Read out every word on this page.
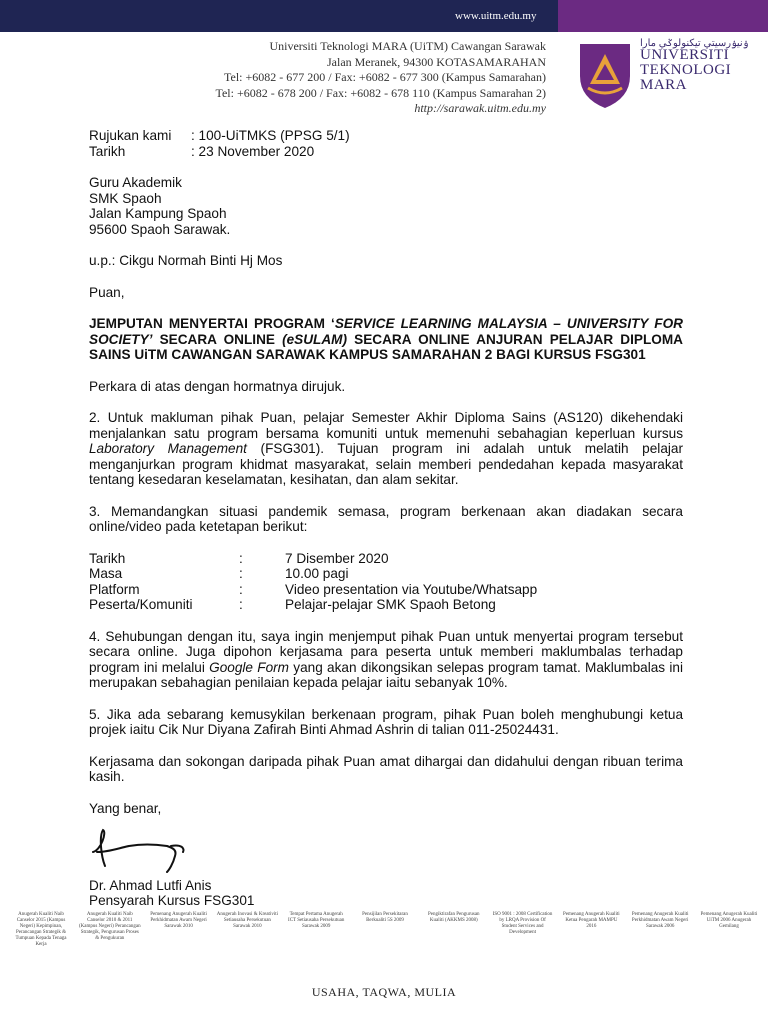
www.uitm.edu.my
Universiti Teknologi MARA (UiTM) Cawangan Sarawak
Jalan Meranek, 94300 KOTASAMARAHAN
Tel: +6082 - 677 200 / Fax: +6082 - 677 300 (Kampus Samarahan)
Tel: +6082 - 678 200 / Fax: +6082 - 678 110 (Kampus Samarahan 2)
http://sarawak.uitm.edu.my
ۏنيۏرسيتي تيکنولوݢي مارا
UNIVERSITI
TEKNOLOGI
MARA
Rujukan kami	: 100-UiTMKS (PPSG 5/1)
Tarikh	: 23 November 2020
Guru Akademik
SMK Spaoh
Jalan Kampung Spaoh
95600 Spaoh Sarawak.
u.p.: Cikgu Normah Binti Hj Mos
Puan,
JEMPUTAN MENYERTAI PROGRAM ‘SERVICE LEARNING MALAYSIA – UNIVERSITY FOR SOCIETY’ SECARA ONLINE (eSULAM) SECARA ONLINE ANJURAN PELAJAR DIPLOMA SAINS UiTM CAWANGAN SARAWAK KAMPUS SAMARAHAN 2 BAGI KURSUS FSG301

Perkara di atas dengan hormatnya dirujuk.

2. Untuk makluman pihak Puan, pelajar Semester Akhir Diploma Sains (AS120) dikehendaki menjalankan satu program bersama komuniti untuk memenuhi sebahagian keperluan kursus Laboratory Management (FSG301). Tujuan program ini adalah untuk melatih pelajar menganjurkan program khidmat masyarakat, selain memberi pendedahan kepada masyarakat tentang kesedaran keselamatan, kesihatan, dan alam sekitar.

3. Memandangkan situasi pandemik semasa, program berkenaan akan diadakan secara online/video pada ketetapan berikut:

Tarikh	:	7 Disember 2020
Masa	:	10.00 pagi
Platform	:	Video presentation via Youtube/Whatsapp
Peserta/Komuniti	:	Pelajar-pelajar SMK Spaoh Betong

4. Sehubungan dengan itu, saya ingin menjemput pihak Puan untuk menyertai program tersebut secara online. Juga dipohon kerjasama para peserta untuk memberi maklumbalas terhadap program ini melalui Google Form yang akan dikongsikan selepas program tamat. Maklumbalas ini merupakan sebahagian penilaian kepada pelajar iaitu sebanyak 10%.

5. Jika ada sebarang kemusykilan berkenaan program, pihak Puan boleh menghubungi ketua projek iaitu Cik Nur Diyana Zafirah Binti Ahmad Ashrin di talian 011-25024431.

Kerjasama dan sokongan daripada pihak Puan amat dihargai dan didahului dengan ribuan terima kasih.

Yang benar,
Dr. Ahmad Lutfi Anis
Pensyarah Kursus FSG301
Anugerah Kualiti Naib Canselor 2015 (Kampus Negeri) Kepimpinan, Perancangan Strategik & Tumpuan Kepada Tenaga Kerja
Anugerah Kualiti Naib Canselor 2010 & 2011 (Kampus Negeri) Perancangan Strategik, Pengurusan Proses & Pengukuran
Pemenang Anugerah Kualiti Perkhidmatan Awam Negeri Sarawak 2010
Anugerah Inovasi & Kreativiti Setiausaha Persekutuan Sarawak 2010
Tempat Pertama Anugerah ICT Setiausaha Persekutuan Sarawak 2009
Pensijilan Persekitaran Berkualiti 5S 2009
Pengiktirafan Pengurusan Kualiti (AKKMS 2008)
ISO 9001 : 2008 Certification by LRQA Provision Of Student Services and Development
Pemenang Anugerah Kualiti Ketua Pengarah MAMPU 2016
Pemenang Anugerah Kualiti Perkhidmatan Awam Negeri Sarawak 2006
Pemenang Anugerah Kualiti UiTM 2006 Anugerah Gemilang
USAHA, TAQWA, MULIA
